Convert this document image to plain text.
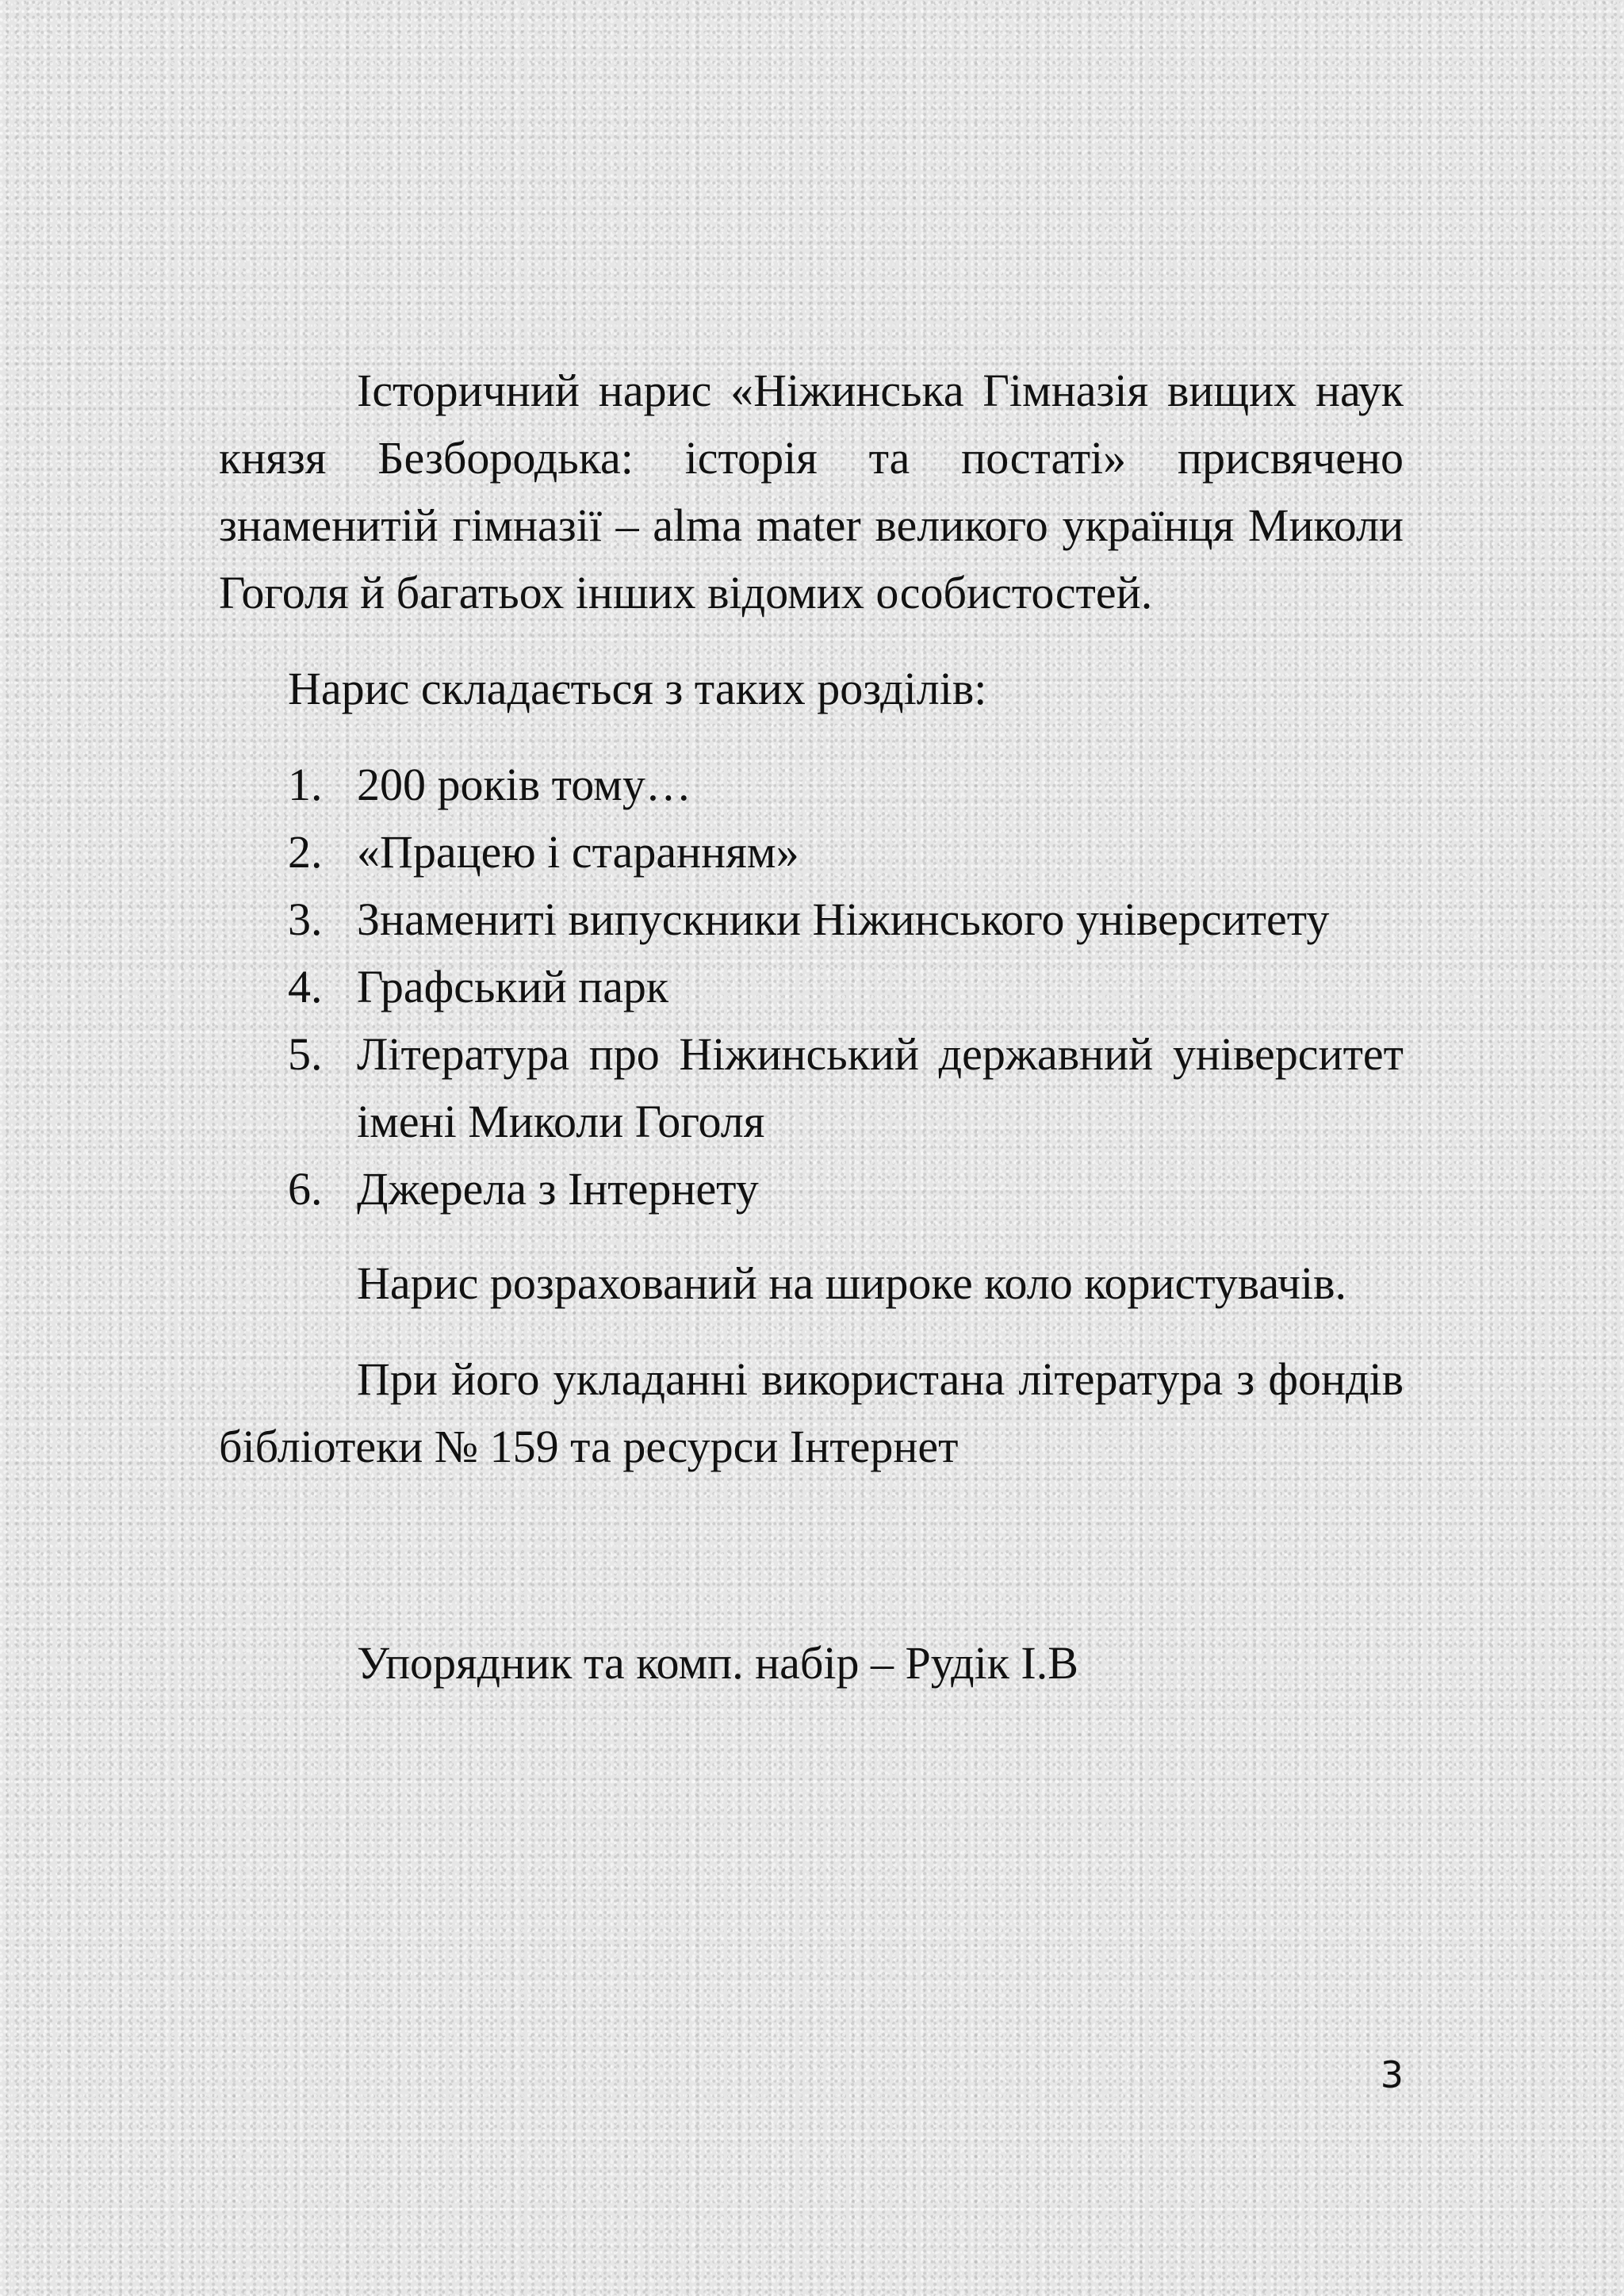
Історичний нарис «Ніжинська Гімназія вищих наук князя Безбородька: історія та постаті» присвячено знаменитій гімназії – alma mater великого українця Миколи Гоголя й багатьох інших відомих особистостей.

Нарис складається з таких розділів:

1. 200 років тому…
2. «Працею і старанням»
3. Знамениті випускники Ніжинського університету
4. Графський парк
5. Література про Ніжинський державний університет імені Миколи Гоголя
6. Джерела з Інтернету

Нарис розрахований на широке коло користувачів.

При його укладанні використана література з фондів бібліотеки № 159 та ресурси Інтернет

Упорядник та комп. набір – Рудік І.В

3
